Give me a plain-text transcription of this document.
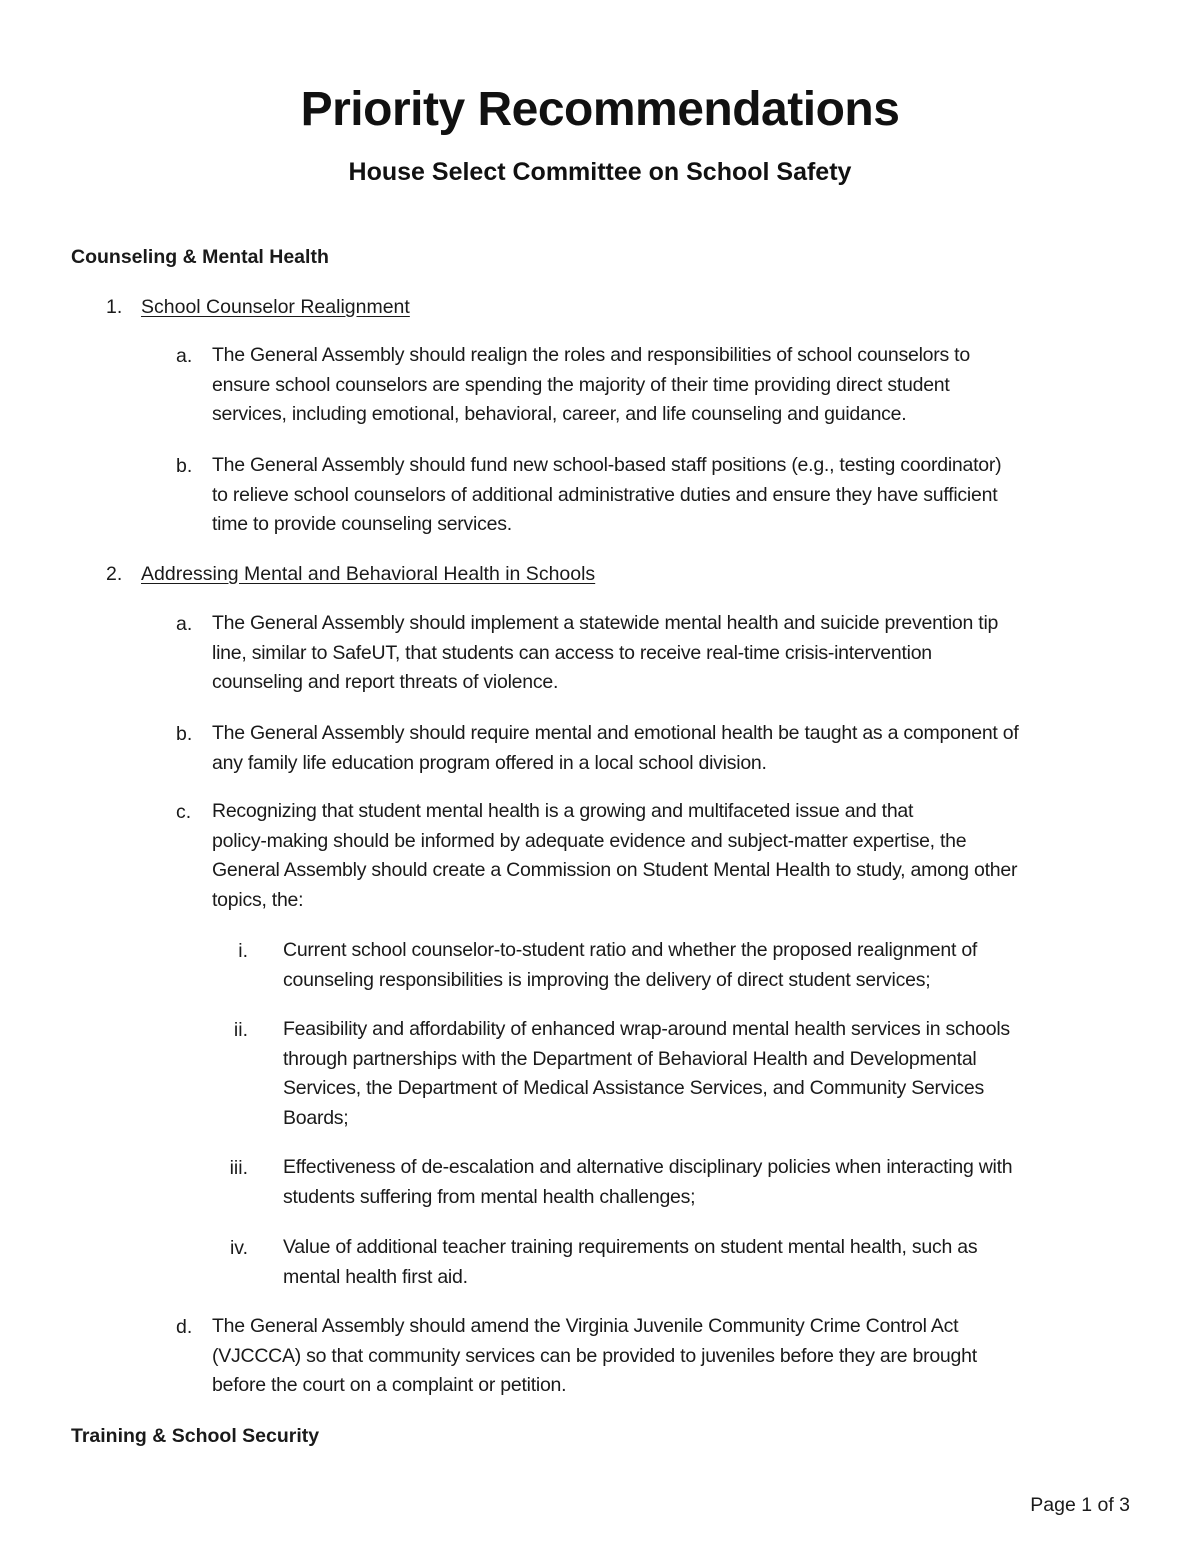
Priority Recommendations
House Select Committee on School Safety
Counseling & Mental Health
1. School Counselor Realignment
a. The General Assembly should realign the roles and responsibilities of school counselors to
ensure school counselors are spending the majority of their time providing direct student
services, including emotional, behavioral, career, and life counseling and guidance.
b. The General Assembly should fund new school-based staff positions (e.g., testing coordinator)
to relieve school counselors of additional administrative duties and ensure they have sufficient
time to provide counseling services.
a. The General Assembly should implement a statewide mental health and suicide prevention tip
line, similar to SafeUT, that students can access to receive real-time crisis-intervention
counseling and report threats of violence.
b. The General Assembly should require mental and emotional health be taught as a component of
any family life education program offered in a local school division.
c. Recognizing that student mental health is a growing and multifaceted issue and that
policy-making should be informed by adequate evidence and subject-matter expertise, the
General Assembly should create a Commission on Student Mental Health to study, among other
topics, the:
i. Current school counselor-to-student ratio and whether the proposed realignment of
counseling responsibilities is improving the delivery of direct student services;
ii. Feasibility and affordability of enhanced wrap-around mental health services in schools
through partnerships with the Department of Behavioral Health and Developmental
Services, the Department of Medical Assistance Services, and Community Services
Boards;
iii. Effectiveness of de-escalation and alternative disciplinary policies when interacting with
students suffering from mental health challenges;
iv. Value of additional teacher training requirements on student mental health, such as
mental health first aid.
d. The General Assembly should amend the Virginia Juvenile Community Crime Control Act
(VJCCCA) so that community services can be provided to juveniles before they are brought
before the court on a complaint or petition.
2. Addressing Mental and Behavioral Health in Schools
Training & School Security
Page 1 of 3
